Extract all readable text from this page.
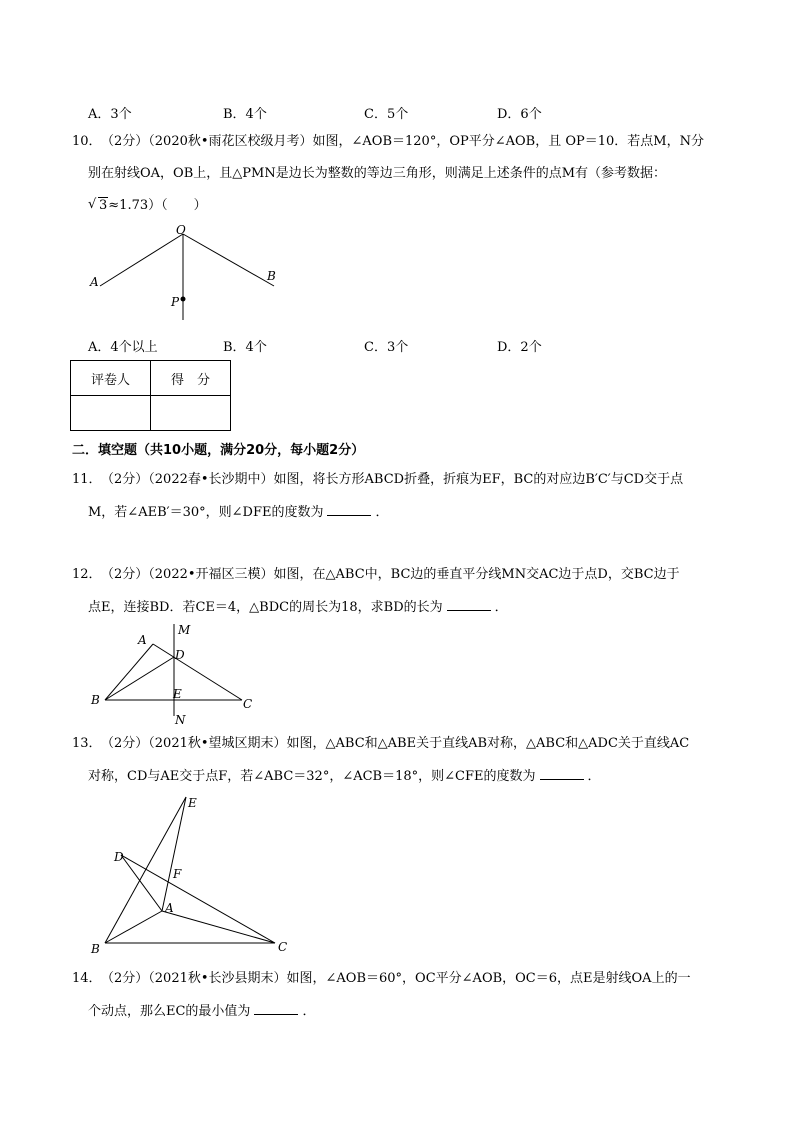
A．3个	B．4个	C．5个	D．6个
10． （2分）（2020秋•雨花区校级月考）如图，∠AOB＝120°，OP平分∠AOB，且 OP＝10．若点M，N分
别在射线OA，OB上，且△PMN是边长为整数的等边三角形，则满足上述条件的点M有（参考数据：
√ 3≈1.73）（　　）
O
A	B
P
A．4个以上	B．4个	C．3个	D．2个
评卷人	得　分

二．填空题（共10小题，满分20分，每小题2分）
11． （2分）（2022春•长沙期中）如图，将长方形ABCD折叠，折痕为EF，BC的对应边B′C′与CD交于点
M，若∠AEB′＝30°，则∠DFE的度数为	．
12． （2分）（2022•开福区三模）如图，在△ABC中，BC边的垂直平分线MN交AC边于点D，交BC边于
点E，连接BD．若CE＝4，△BDC的周长为18，求BD的长为	．
A
M
D
B	E
C
N
13． （2分）（2021秋•望城区期末）如图，△ABC和△ABE关于直线AB对称，△ABC和△ADC关于直线AC
对称，CD与AE交于点F，若∠ABC＝32°，∠ACB＝18°，则∠CFE的度数为	．
E
D
F
A
B	C
14． （2分）（2021秋•长沙县期末）如图，∠AOB＝60°，OC平分∠AOB，OC＝6，点E是射线OA上的一
个动点，那么EC的最小值为	．
